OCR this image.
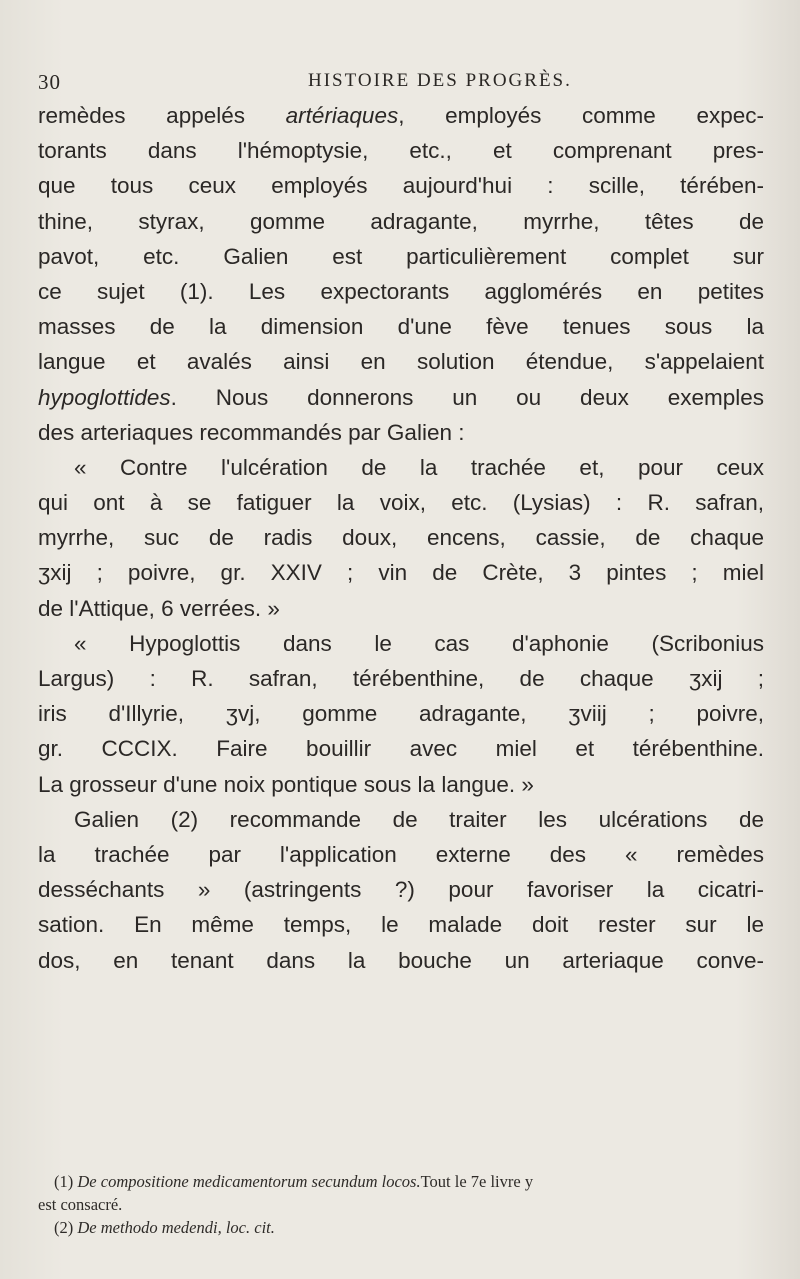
30	HISTOIRE DES PROGRÈS.
remèdes appelés artériaques, employés comme expec-
torants dans l'hémoptysie, etc., et comprenant pres-
que tous ceux employés aujourd'hui : scille, térében-
thine, styrax, gomme adragante, myrrhe, têtes de
pavot, etc. Galien est particulièrement complet sur
ce sujet (1). Les expectorants agglomérés en petites
masses de la dimension d'une fève tenues sous la
langue et avalés ainsi en solution étendue, s'appelaient
hypoglottides. Nous donnerons un ou deux exemples
des arteriaques recommandés par Galien :
« Contre l'ulcération de la trachée et, pour ceux
qui ont à se fatiguer la voix, etc. (Lysias) : R. safran,
myrrhe, suc de radis doux, encens, cassie, de chaque
ʒxij ; poivre, gr. XXIV ; vin de Crète, 3 pintes ; miel
de l'Attique, 6 verrées. »
« Hypoglottis dans le cas d'aphonie (Scribonius
Largus) : R. safran, térébenthine, de chaque ʒxij ;
iris d'Illyrie, ʒvj, gomme adragante, ʒviij ; poivre,
gr. CCCIX. Faire bouillir avec miel et térébenthine.
La grosseur d'une noix pontique sous la langue. »
Galien (2) recommande de traiter les ulcérations de
la trachée par l'application externe des « remèdes
desséchants » (astringents ?) pour favoriser la cicatri-
sation. En même temps, le malade doit rester sur le
dos, en tenant dans la bouche un arteriaque conve-
(1) De compositione medicamentorum secundum locos.Tout le 7e livre y
est consacré.
(2) De methodo medendi, loc. cit.
